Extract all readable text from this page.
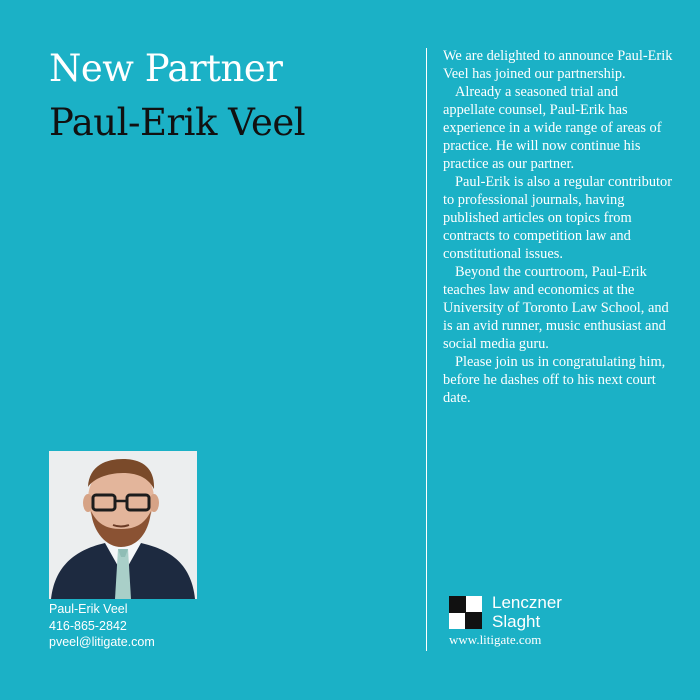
New Partner
Paul-Erik Veel

We are delighted to announce Paul-Erik Veel has joined our partnership.

Already a seasoned trial and appellate counsel, Paul-Erik has experience in a wide range of areas of practice. He will now continue his practice as our partner.

Paul-Erik is also a regular contributor to professional journals, having published articles on topics from contracts to competition law and constitutional issues.

Beyond the courtroom, Paul-Erik teaches law and economics at the University of Toronto Law School, and is an avid runner, music enthusiast and social media guru.

Please join us in congratulating him, before he dashes off to his next court date.

Paul-Erik Veel
416-865-2842
pveel@litigate.com
Lenczner
Slaght
www.litigate.com
